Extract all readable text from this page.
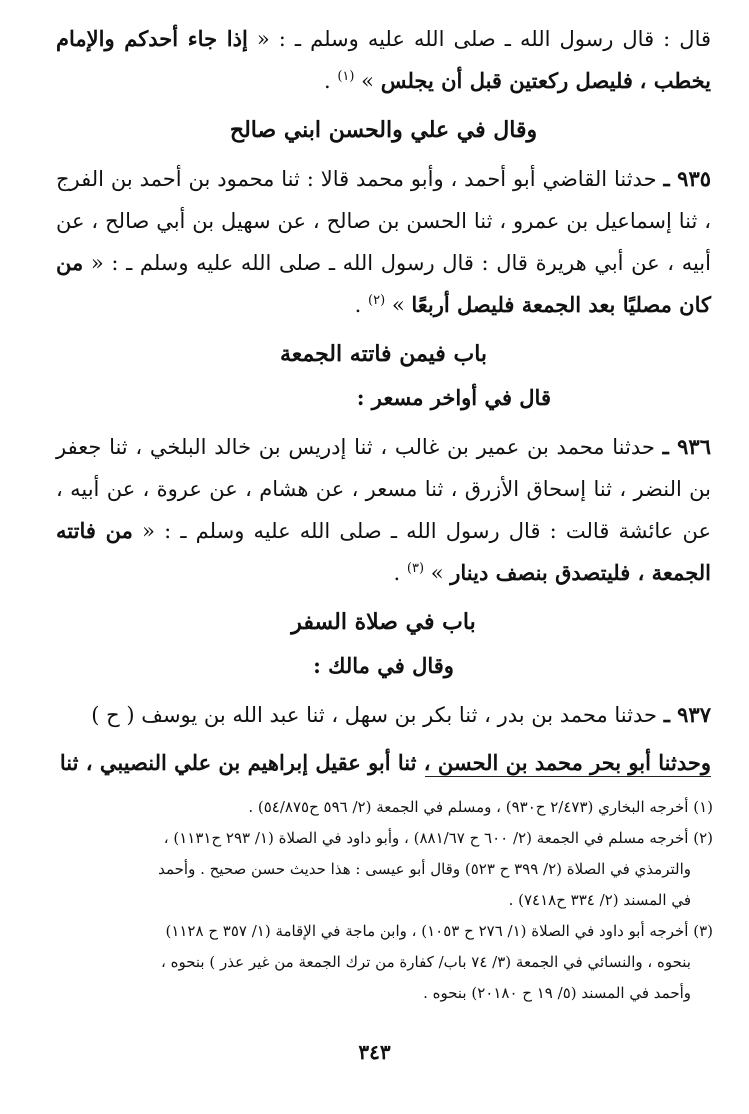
قال : قال رسول الله ـ صلى الله عليه وسلم ـ : « إذا جاء أحدكم والإمام يخطب ، فليصل ركعتين قبل أن يجلس » $^{(١)}$ .

وقال في علي والحسن ابني صالح

٩٣٥ ـ حدثنا القاضي أبو أحمد ، وأبو محمد قالا : ثنا محمود بن أحمد بن الفرج ، ثنا إسماعيل بن عمرو ، ثنا الحسن بن صالح ، عن سهيل بن أبي صالح ، عن أبيه ، عن أبي هريرة قال : قال رسول الله ـ صلى الله عليه وسلم ـ : « من كان مصليًا بعد الجمعة فليصل أربعًا » $^{(٢)}$ .

باب فيمن فاتته الجمعة

قال في أواخر مسعر :

٩٣٦ ـ حدثنا محمد بن عمير بن غالب ، ثنا إدريس بن خالد البلخي ، ثنا جعفر بن النضر ، ثنا إسحاق الأزرق ، ثنا مسعر ، عن هشام ، عن عروة ، عن أبيه ، عن عائشة قالت : قال رسول الله ـ صلى الله عليه وسلم ـ : « من فاتته الجمعة ، فليتصدق بنصف دينار » $^{(٣)}$ .

باب في صلاة السفر

وقال في مالك :

٩٣٧ ـ حدثنا محمد بن بدر ، ثنا بكر بن سهل ، ثنا عبد الله بن يوسف ( ح )

وحدثنا أبو بحر محمد بن الحسن ، ثنا أبو عقيل إبراهيم بن علي النصيبي ، ثنا

(١) أخرجه البخاري (٢/٤٧٣ ح٩٣٠) ، ومسلم في الجمعة (٢/ ٥٩٦ ح٥٤/٨٧٥) .

(٢) أخرجه مسلم في الجمعة (٢/ ٦٠٠ ح ٨٨١/٦٧) ، وأبو داود في الصلاة (١/ ٢٩٣ ح١١٣١) ،

والترمذي في الصلاة (٢/ ٣٩٩ ح ٥٢٣) وقال أبو عيسى : هذا حديث حسن صحيح . وأحمد

في المسند (٢/ ٣٣٤ ح٧٤١٨) .

(٣) أخرجه أبو داود في الصلاة (١/ ٢٧٦ ح ١٠٥٣) ، وابن ماجة في الإقامة (١/ ٣٥٧ ح ١١٢٨)

بنحوه ، والنسائي في الجمعة (٣/ ٧٤ باب/ كفارة من ترك الجمعة من غير عذر ) بنحوه ،

وأحمد في المسند (٥/ ١٩ ح ٢٠١٨٠) بنحوه .

٣٤٣
